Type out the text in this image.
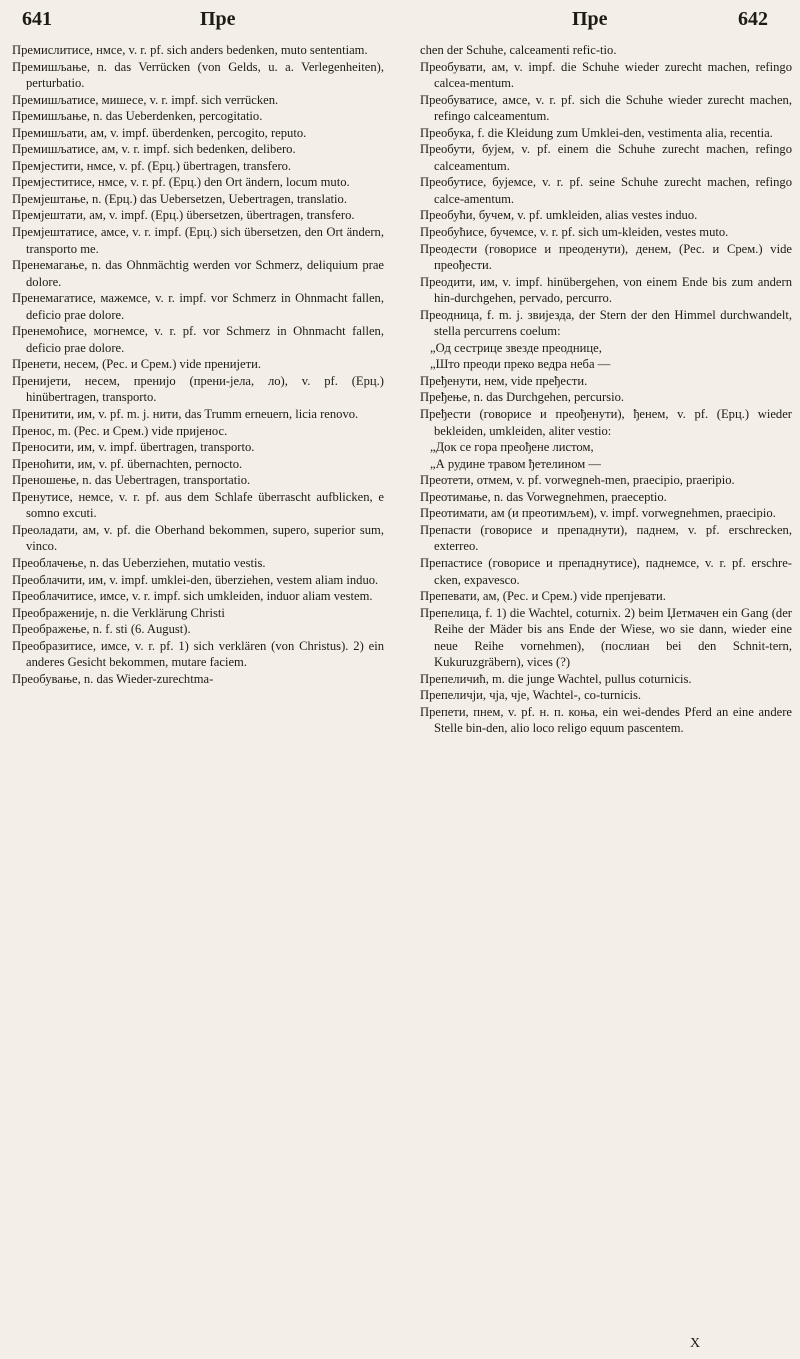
641	Пре	Пре	642

Премислитисе, нмсе, v. r. pf. sich anders bedenken, muto sententiam.

Премишљање, n. das Verrücken (von Gelds, u. a. Verlegenheiten), perturbatio.

Премишљатисе, мишесе, v. r. impf. sich verrücken.

Премишљање, n. das Ueberdenken, percogitatio.

Премишљати, ам, v. impf. überdenken, percogito, reputo.

Премишљатисе, ам, v. r. impf. sich bedenken, delibero.

Премјестити, нмсе, v. pf. (Ерц.) übertragen, transfero.

Премјеститисе, нмсе, v. r. pf. (Ерц.) den Ort ändern, locum muto.

Премјештање, n. (Ерц.) das Uebersetzen, Uebertragen, translatio.

Премјештати, ам, v. impf. (Ерц.) übersetzen, übertragen, transfero.

Премјештатисе, амсе, v. r. impf. (Ерц.) sich übersetzen, den Ort ändern, transporto me.

Пренемагање, n. das Ohnmächtig werden vor Schmerz, deliquium prae dolore.

Пренемагатисе, мажемсе, v. r. impf. vor Schmerz in Ohnmacht fallen, deficio prae dolore.

Пренемоћисе, могнемсе, v. r. pf. vor Schmerz in Ohnmacht fallen, deficio prae dolore.

Пренети, несем, (Рес. и Срем.) vide пренијети.

Пренијети, несем, пренијо (прени-јела, ло), v. pf. (Ерц.) hinübertragen, transporto.

Пренитити, им, v. pf. m. j. нити, das Trumm erneuern, licia renovo.

Преноc, m. (Рес. и Срем.) vide пријенос.

Преносити, им, v. impf. übertragen, transporto.

Преноћити, им, v. pf. übernachten, pernocto.

Преношење, n. das Uebertragen, transportatio.

Пренутисе, немсе, v. r. pf. aus dem Schlafe überrascht aufblicken, e somno excuti.

Преоладати, ам, v. pf. die Oberhand bekommen, supero, superior sum, vinco.

Преоблачење, n. das Ueberziehen, mutatio vestis.

Преоблачити, им, v. impf. umklei-den, überziehen, vestem aliam induo.

Преоблачитисе, имсе, v. r. impf. sich umkleiden, induor aliam vestem.

Преображеније, n. die Verklärung Christi

Преображење, n. f. sti (6. August).

Преобразитисе, имсе, v. r. pf. 1) sich verklären (von Christus). 2) ein anderes Gesicht bekommen, mutare faciem.

Преобување, n. das Wieder-zurechtma-

chen der Schuhe, calceamenti refic-tio.

Преобувати, ам, v. impf. die Schuhe wieder zurecht machen, refingo calcea-mentum.

Преобуватисе, амсе, v. r. pf. sich die Schuhe wieder zurecht machen, refingo calceamentum.

Преобука, f. die Kleidung zum Umklei-den, vestimenta alia, recentia.

Преобути, бујем, v. pf. einem die Schuhe zurecht machen, refingo calceamentum.

Преобутисе, бујемсе, v. r. pf. seine Schuhe zurecht machen, refingo calce-amentum.

Преобући, бучем, v. pf. umkleiden, alias vestes induo.

Преобућисе, бучемсе, v. r. pf. sich um-kleiden, vestes muto.

Преодести (говорисе и преоденути), денем, (Рес. и Срем.) vide преођести.

Преодити, им, v. impf. hinübergehen, von einem Ende bis zum andern hin-durchgehen, pervado, percurro.

Преодница, f. m. j. звијезда, der Stern der den Himmel durchwandelt, stella percurrens coelum:

„Од сестрице звезде преоднице,

„Што преоди преко ведра неба —

Пређенути, нем, vide пређести.

Пређење, n. das Durchgehen, percursio.

Пређести (говорисе и преођенути), ђенем, v. pf. (Ерц.) wieder bekleiden, umkleiden, aliter vestio:

„Док се гора преођене листом,

„А рудине травом ђетелином —

Преотети, отмем, v. pf. vorwegneh-men, praecipio, praeripio.

Преотимање, n. das Vorwegnehmen, praeceptio.

Преотимати, ам (и преотимљем), v. impf. vorwegnehmen, praecipio.

Препасти (говорисе и препаднути), паднем, v. pf. erschrecken, exterreo.

Препастисе (говорисе и препаднутисе), паднемсе, v. r. pf. erschre-cken, expavesco.

Препевати, ам, (Рес. и Срем.) vide препјевати.

Препелица, f. 1) die Wachtel, coturnix. 2) beim Џетмачен ein Gang (der Reihe der Mäder bis ans Ende der Wiese, wo sie dann, wieder eine neue Reihe vornehmen), (послиан bei den Schnit-tern, Kukuruzgräbern), vices (?)

Препеличић, m. die junge Wachtel, pullus coturnicis.

Препеличји, чја, чје, Wachtel-, co-turnicis.

Препети, пнем, v. pf. н. п. коња, ein wei-dendes Pferd an eine andere Stelle bin-den, alio loco religo equum pascentem.

X
